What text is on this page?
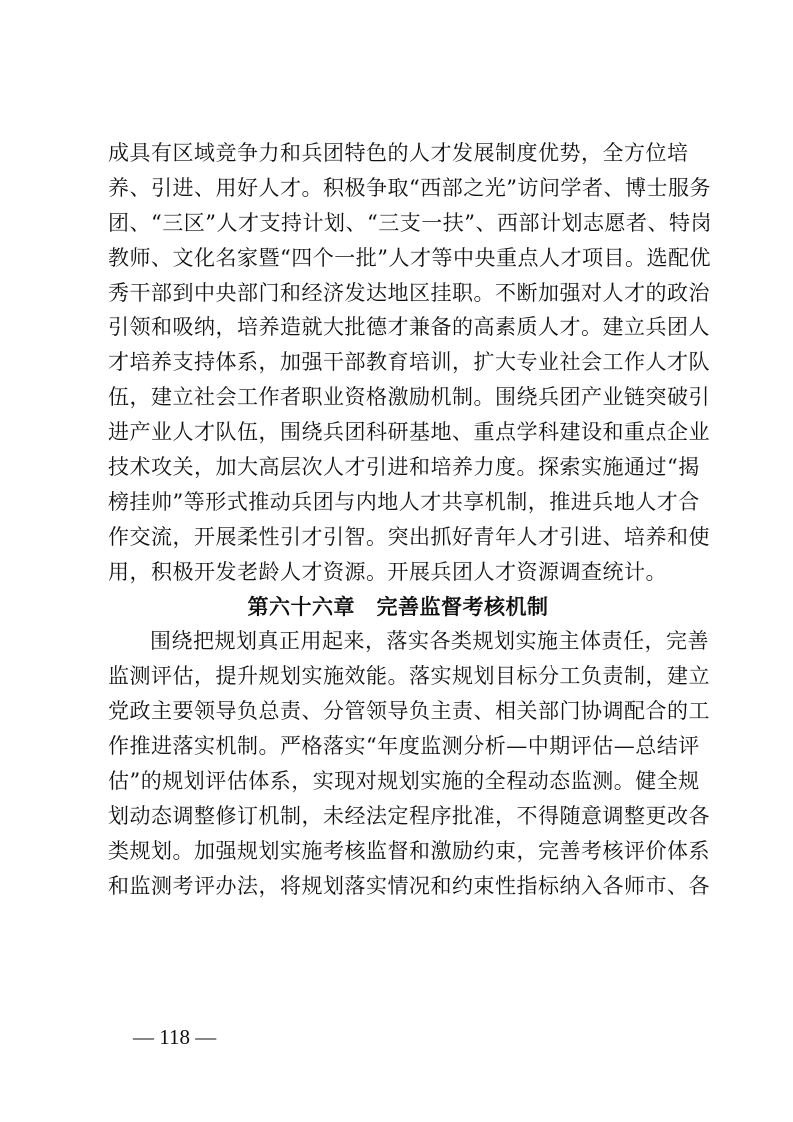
成具有区域竞争力和兵团特色的人才发展制度优势，全方位培
养、引进、用好人才。积极争取“西部之光”访问学者、博士服务
团、“三区”人才支持计划、“三支一扶”、西部计划志愿者、特岗
教师、文化名家暨“四个一批”人才等中央重点人才项目。选配优
秀干部到中央部门和经济发达地区挂职。不断加强对人才的政治
引领和吸纳，培养造就大批德才兼备的高素质人才。建立兵团人
才培养支持体系，加强干部教育培训，扩大专业社会工作人才队
伍，建立社会工作者职业资格激励机制。围绕兵团产业链突破引
进产业人才队伍，围绕兵团科研基地、重点学科建设和重点企业
技术攻关，加大高层次人才引进和培养力度。探索实施通过“揭
榜挂帅”等形式推动兵团与内地人才共享机制，推进兵地人才合
作交流，开展柔性引才引智。突出抓好青年人才引进、培养和使
用，积极开发老龄人才资源。开展兵团人才资源调查统计。
第六十六章　完善监督考核机制
围绕把规划真正用起来，落实各类规划实施主体责任，完善
监测评估，提升规划实施效能。落实规划目标分工负责制，建立
党政主要领导负总责、分管领导负主责、相关部门协调配合的工
作推进落实机制。严格落实“年度监测分析—中期评估—总结评
估”的规划评估体系，实现对规划实施的全程动态监测。健全规
划动态调整修订机制，未经法定程序批准，不得随意调整更改各
类规划。加强规划实施考核监督和激励约束，完善考核评价体系
和监测考评办法，将规划落实情况和约束性指标纳入各师市、各
— 118 —
